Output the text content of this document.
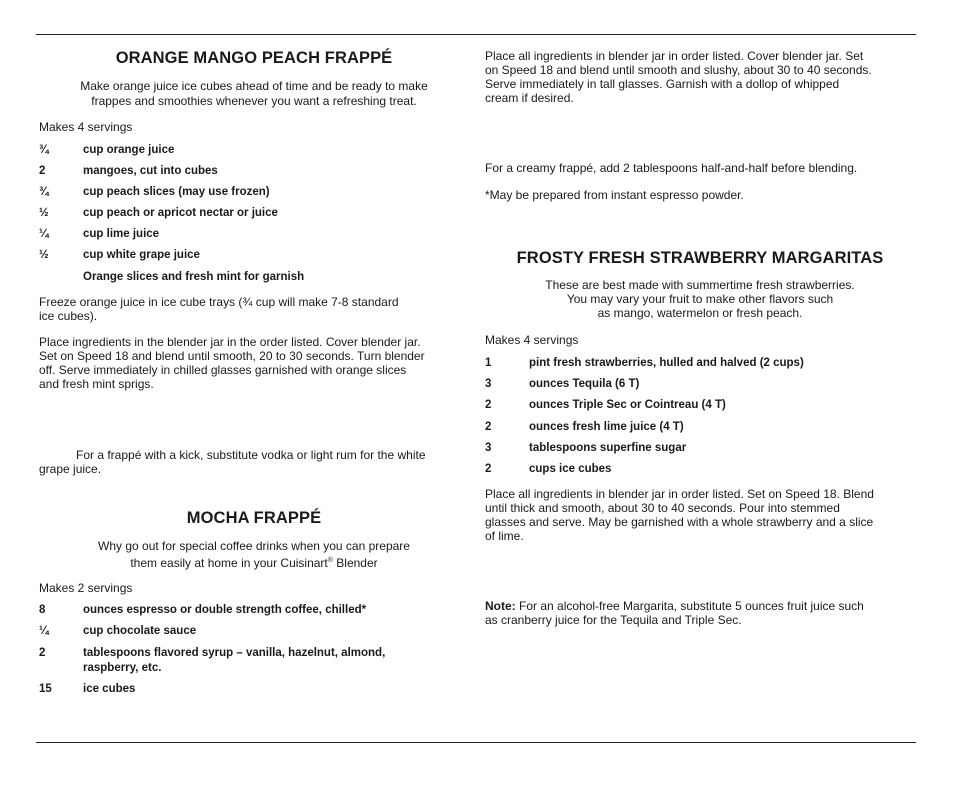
ORANGE MANGO PEACH FRAPPÉ

Make orange juice ice cubes ahead of time and be ready to make

frappes and smoothies whenever you want a refreshing treat.

Makes 4 servings

¾	cup orange juice
2	mangoes, cut into cubes
¾	cup peach slices (may use frozen)
½	cup peach or apricot nectar or juice
¼	cup lime juice
½	cup white grape juice
Orange slices and fresh mint for garnish

Freeze orange juice in ice cube trays (¾ cup will make 7-8 standard

ice cubes).

Place ingredients in the blender jar in the order listed. Cover blender jar.

Set on Speed 18 and blend until smooth, 20 to 30 seconds. Turn blender

off. Serve immediately in chilled glasses garnished with orange slices

and fresh mint sprigs.

For a frappé with a kick, substitute vodka or light rum for the white

grape juice.

MOCHA FRAPPÉ

Why go out for special coffee drinks when you can prepare

them easily at home in your Cuisinart® Blender

Makes 2 servings

8	ounces espresso or double strength coffee, chilled*
¼	cup chocolate sauce
2	tablespoons flavored syrup – vanilla, hazelnut, almond,
raspberry, etc.
15	ice cubes

Place all ingredients in blender jar in order listed. Cover blender jar. Set

on Speed 18 and blend until smooth and slushy, about 30 to 40 seconds.

Serve immediately in tall glasses. Garnish with a dollop of whipped

cream if desired.

For a creamy frappé, add 2 tablespoons half-and-half before blending.

*May be prepared from instant espresso powder.

FROSTY FRESH STRAWBERRY MARGARITAS

These are best made with summertime fresh strawberries.

You may vary your fruit to make other flavors such

as mango, watermelon or fresh peach.

Makes 4 servings

1	pint fresh strawberries, hulled and halved (2 cups)
3	ounces Tequila (6 T)
2	ounces Triple Sec or Cointreau (4 T)
2	ounces fresh lime juice (4 T)
3	tablespoons superfine sugar
2	cups ice cubes

Place all ingredients in blender jar in order listed. Set on Speed 18. Blend

until thick and smooth, about 30 to 40 seconds. Pour into stemmed

glasses and serve. May be garnished with a whole strawberry and a slice

of lime.

Note: For an alcohol-free Margarita, substitute 5 ounces fruit juice such

as cranberry juice for the Tequila and Triple Sec.
